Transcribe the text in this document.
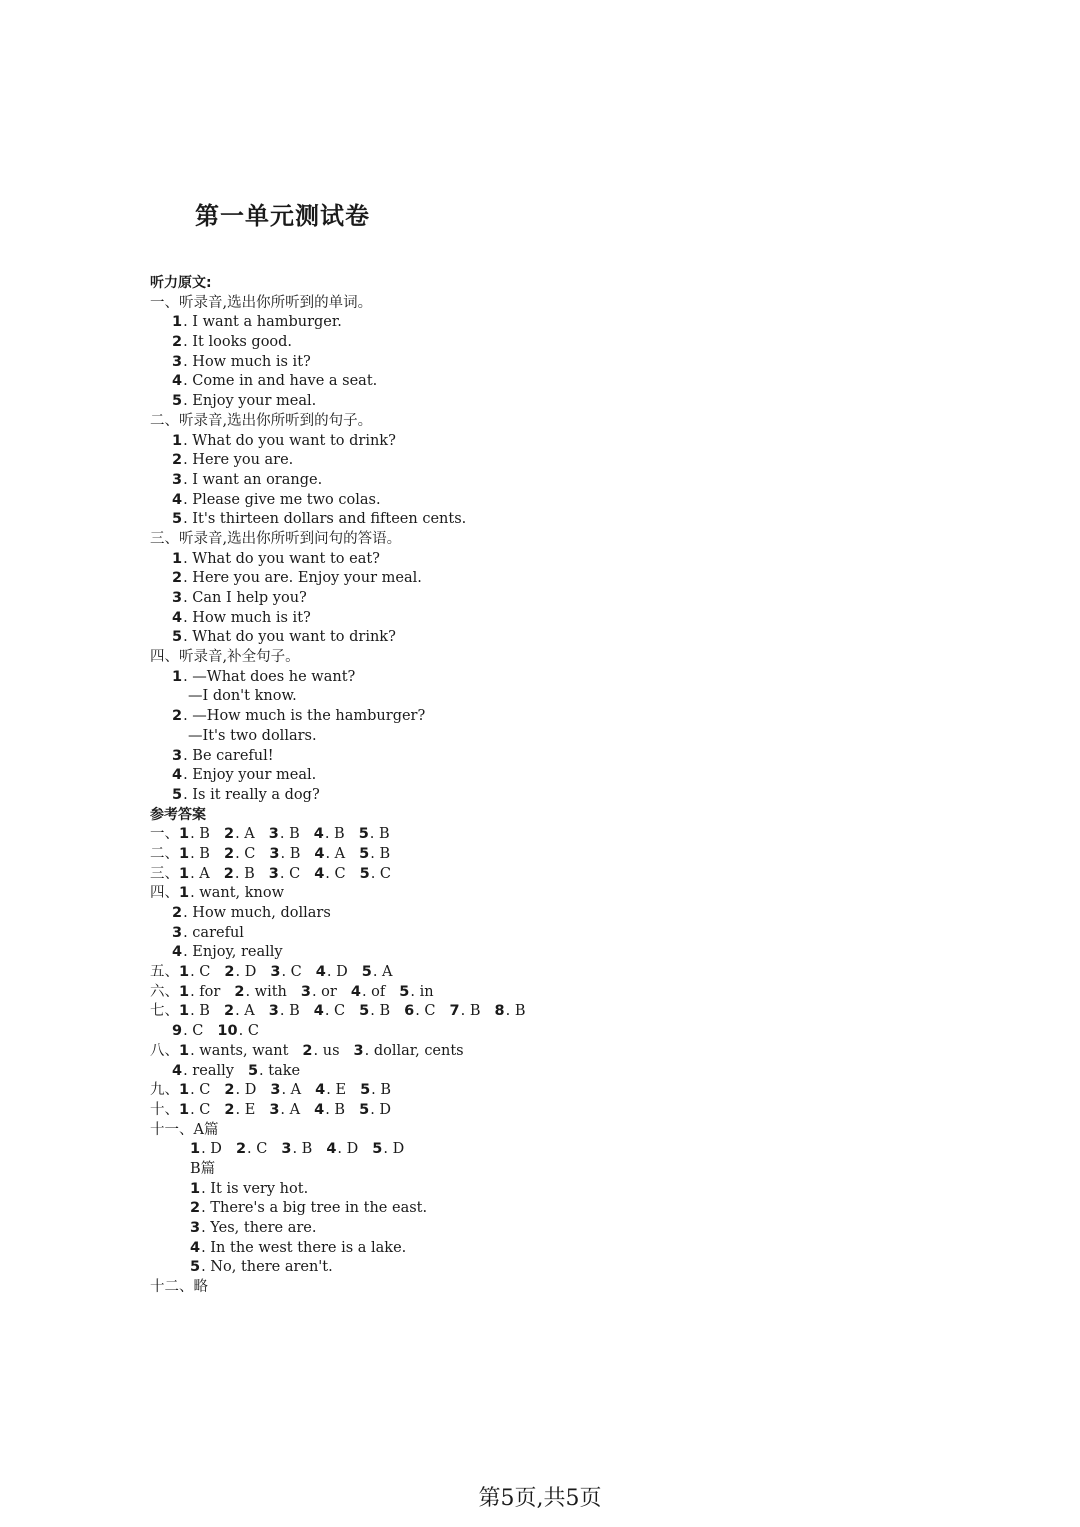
第一单元测试卷
听力原文:
一、听录音,选出你所听到的单词。
1. I want a hamburger.
2. It looks good.
3. How much is it?
4. Come in and have a seat.
5. Enjoy your meal.
二、听录音,选出你所听到的句子。
1. What do you want to drink?
2. Here you are.
3. I want an orange.
4. Please give me two colas.
5. It's thirteen dollars and fifteen cents.
三、听录音,选出你所听到问句的答语。
1. What do you want to eat?
2. Here you are. Enjoy your meal.
3. Can I help you?
4. How much is it?
5. What do you want to drink?
四、听录音,补全句子。
1. —What does he want?
—I don't know.
2. —How much is the hamburger?
—It's two dollars.
3. Be careful!
4. Enjoy your meal.
5. Is it really a dog?
参考答案
一、1. B 2. A 3. B 4. B 5. B
二、1. B 2. C 3. B 4. A 5. B
三、1. A 2. B 3. C 4. C 5. C
四、1. want, know
2. How much, dollars
3. careful
4. Enjoy, really
五、1. C 2. D 3. C 4. D 5. A
六、1. for 2. with 3. or 4. of 5. in
七、1. B 2. A 3. B 4. C 5. B 6. C 7. B 8. B
9. C 10. C
八、1. wants, want 2. us 3. dollar, cents
4. really 5. take
九、1. C 2. D 3. A 4. E 5. B
十、1. C 2. E 3. A 4. B 5. D
十一、A篇
1. D 2. C 3. B 4. D 5. D
B篇
1. It is very hot.
2. There's a big tree in the east.
3. Yes, there are.
4. In the west there is a lake.
5. No, there aren't.
十二、略
第5页,共5页
